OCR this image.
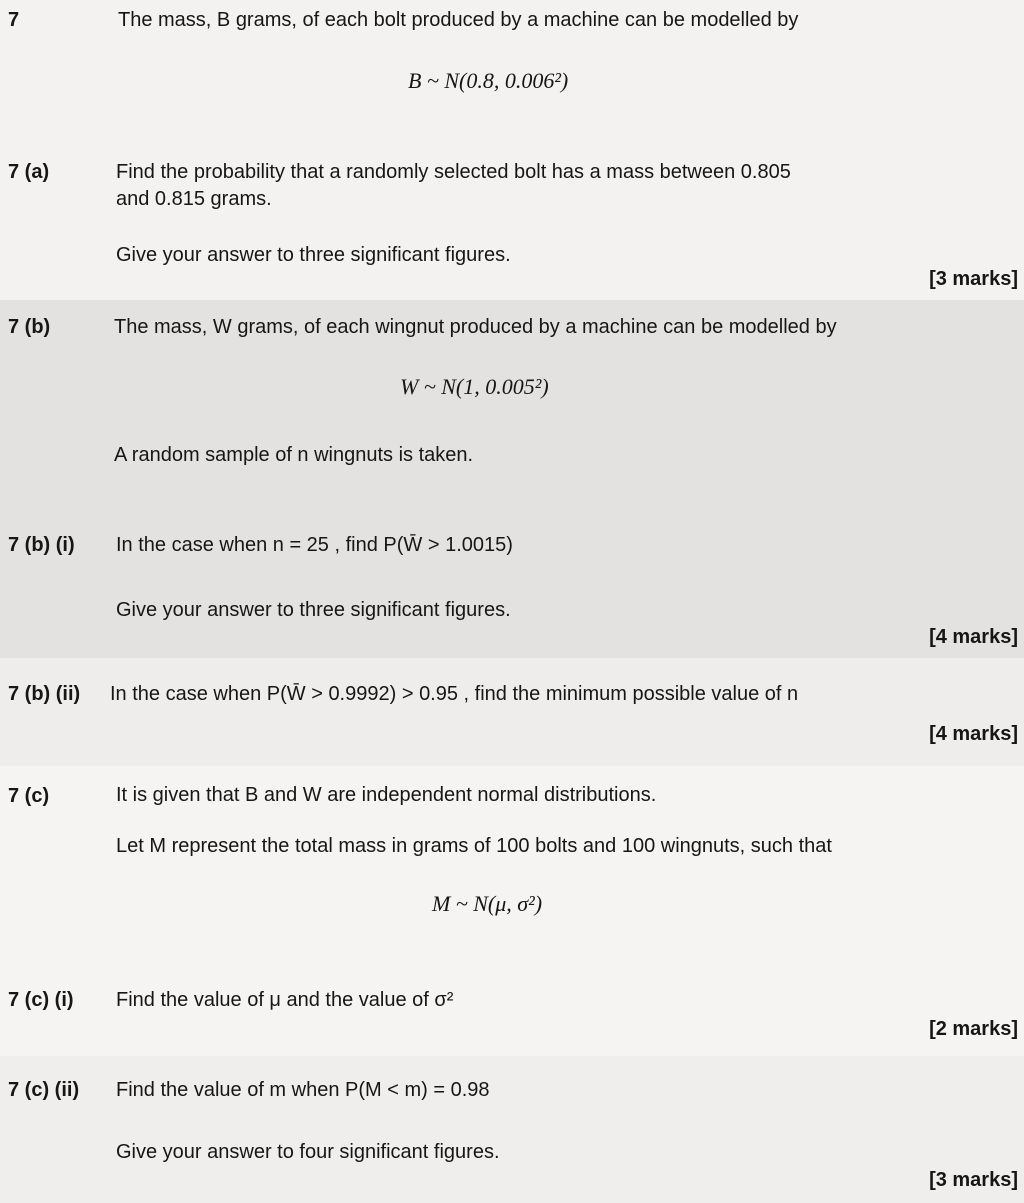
7	The mass, B grams, of each bolt produced by a machine can be modelled by
B ~ N(0.8, 0.006²)
7 (a)	Find the probability that a randomly selected bolt has a mass between 0.805
and 0.815 grams.
Give your answer to three significant figures.
[3 marks]
7 (b)	The mass, W grams, of each wingnut produced by a machine can be modelled by
W ~ N(1, 0.005²)
A random sample of n wingnuts is taken.
7 (b) (i) In the case when n = 25 , find P(W̄ > 1.0015)
Give your answer to three significant figures.
[4 marks]
7 (b) (ii) In the case when P(W̄ > 0.9992) > 0.95 , find the minimum possible value of n
[4 marks]
7 (c)	It is given that B and W are independent normal distributions.
Let M represent the total mass in grams of 100 bolts and 100 wingnuts, such that
M ~ N(μ, σ²)
7 (c) (i) Find the value of μ and the value of σ²
[2 marks]
7 (c) (ii) Find the value of m when P(M < m) = 0.98
Give your answer to four significant figures.
[3 marks]
